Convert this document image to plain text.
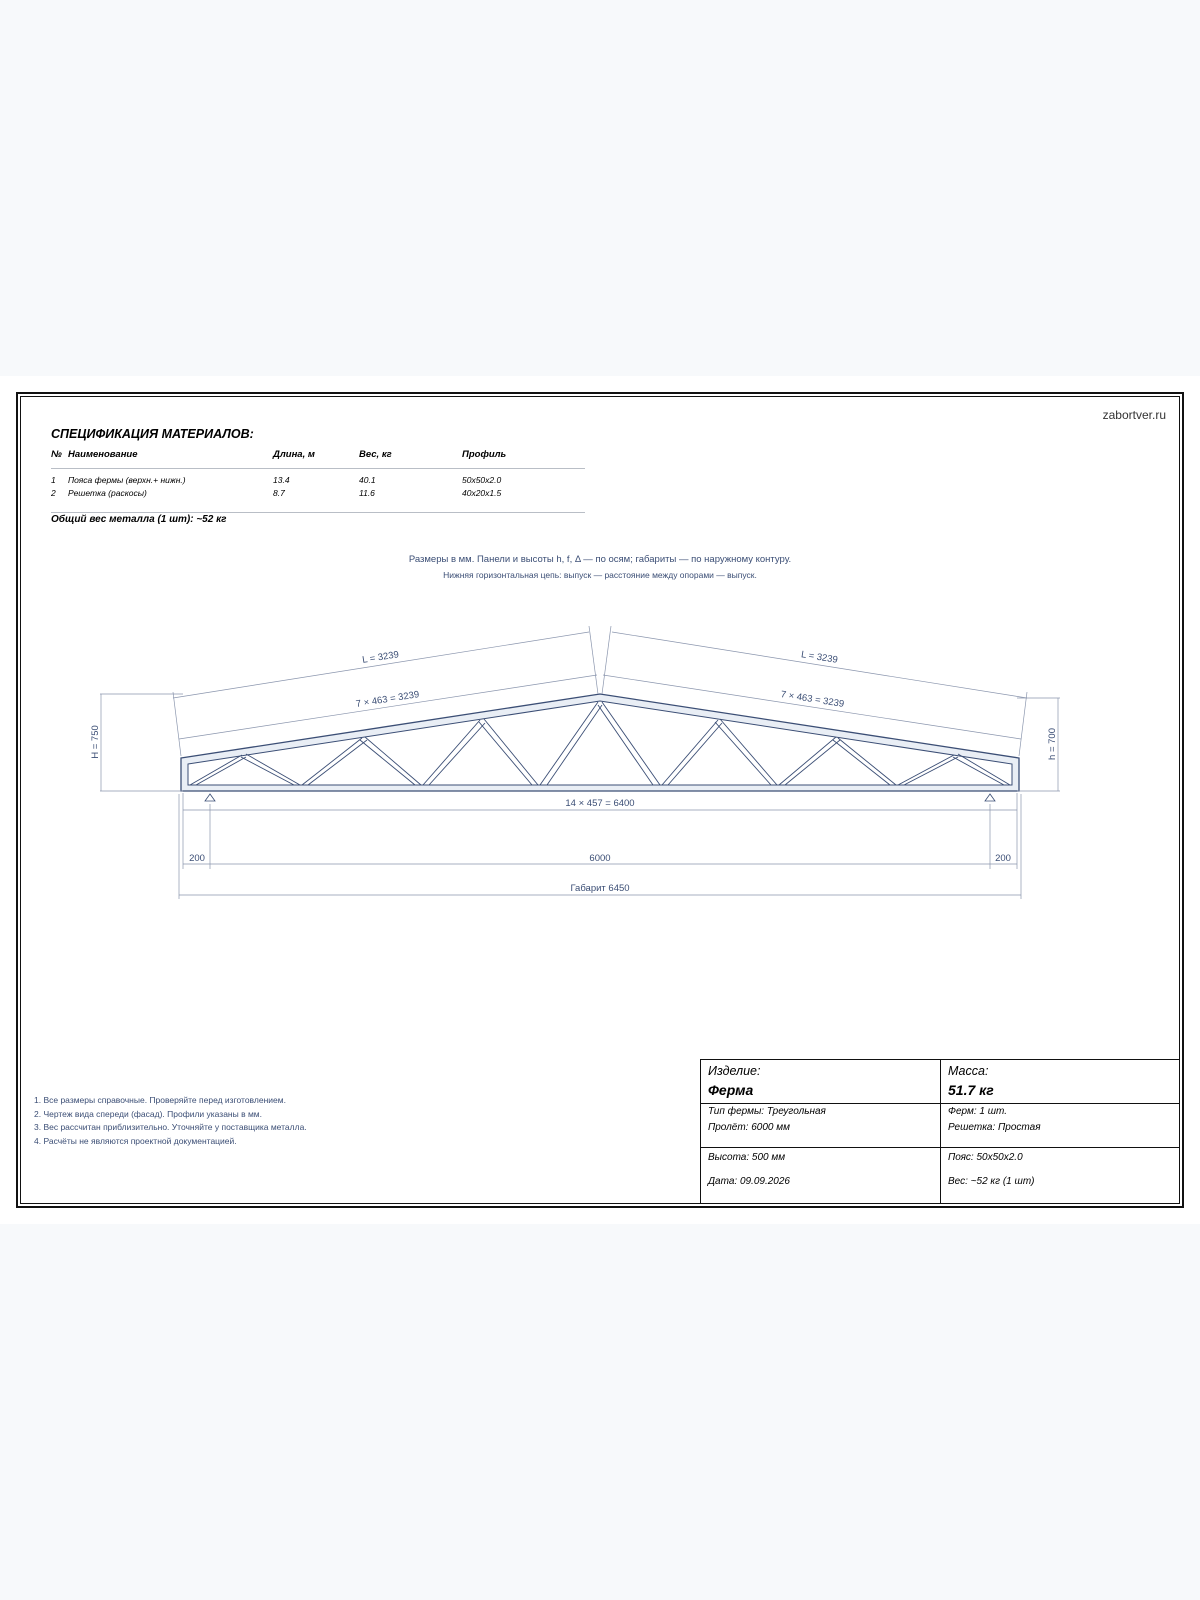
zabortver.ru
СПЕЦИФИКАЦИЯ МАТЕРИАЛОВ:
№ Наименование	Длина, м	Вес, кг	Профиль
1 Пояса фермы (верхн.+ нижн.)	13.4	40.1	50x50x2.0
2 Решетка (раскосы)	8.7	11.6	40x20x1.5
Общий вес металла (1 шт): ~52 кг
Размеры в мм. Панели и высоты h, f, Δ — по осям; габариты — по наружному контуру.
Нижняя горизонтальная цепь: выпуск — расстояние между опорами — выпуск.
L = 3239	L = 3239
7 × 463 = 3239	7 × 463 = 3239
H = 750	h = 700
14 × 457 = 6400
200	6000	200
Габарит 6450
1. Все размеры справочные. Проверяйте перед изготовлением.
2. Чертеж вида спереди (фасад). Профили указаны в мм.
3. Вес рассчитан приблизительно. Уточняйте у поставщика металла.
4. Расчёты не являются проектной документацией.
Изделие:
Ферма
Масса:
51.7 кг
Тип фермы: Треугольная
Пролёт: 6000 мм
Ферм: 1 шт.
Решетка: Простая
Высота: 500 мм
Дата: 09.09.2026
Пояс: 50x50x2.0
Вес: ~52 кг (1 шт)
